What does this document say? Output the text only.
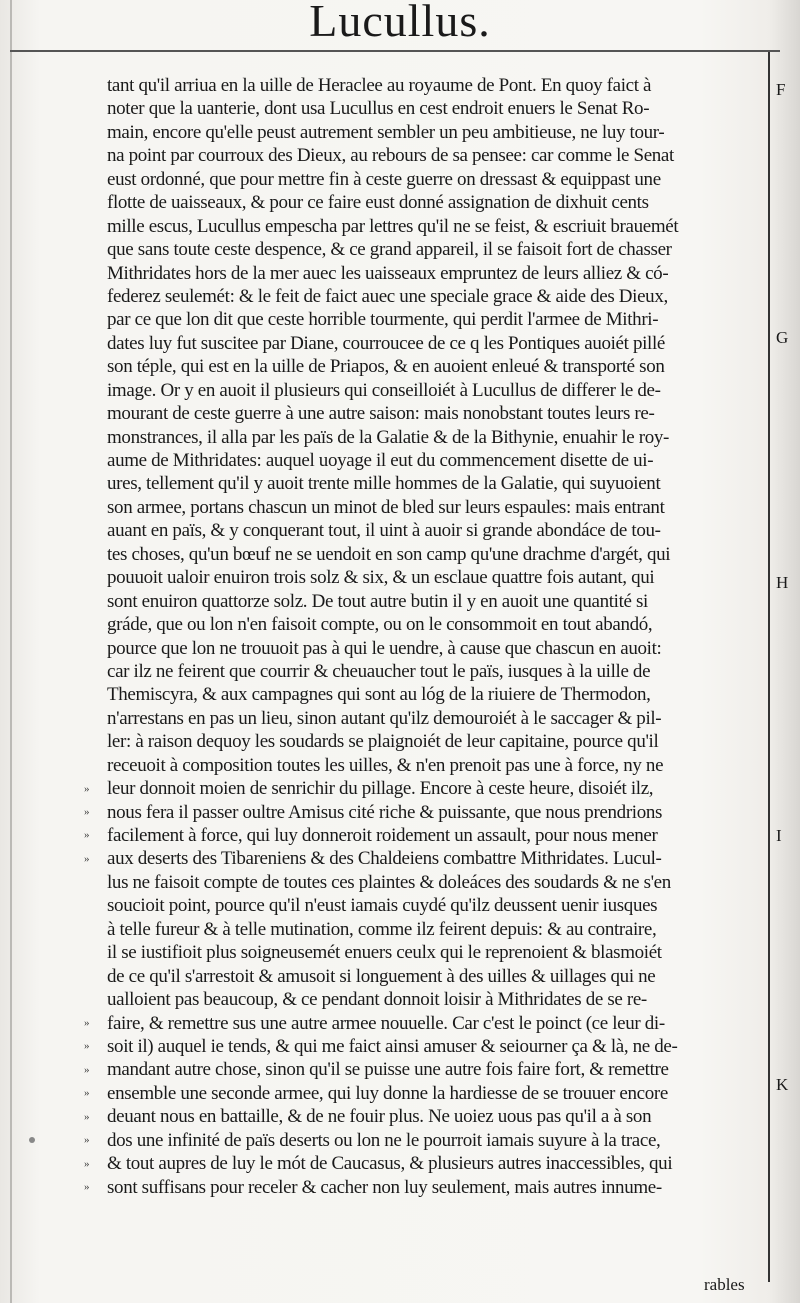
Lucullus.
tant qu'il arriua en la uille de Heraclee au royaume de Pont. En quoy faict à
noter que la uanterie, dont usa Lucullus en cest endroit enuers le Senat Ro-
main, encore qu'elle peust autrement sembler un peu ambitieuse, ne luy tour-
na point par courroux des Dieux, au rebours de sa pensee: car comme le Senat
eust ordonné, que pour mettre fin à ceste guerre on dressast & equippast une
flotte de uaisseaux, & pour ce faire eust donné assignation de dixhuit cents
mille escus, Lucullus empescha par lettres qu'il ne se feist, & escriuit brauemét
que sans toute ceste despence, & ce grand appareil, il se faisoit fort de chasser
Mithridates hors de la mer auec les uaisseaux empruntez de leurs alliez & có-
federez seulemét: & le feit de faict auec une speciale grace & aide des Dieux,
par ce que lon dit que ceste horrible tourmente, qui perdit l'armee de Mithri-
dates luy fut suscitee par Diane, courroucee de ce q les Pontiques auoiét pillé
son téple, qui est en la uille de Priapos, & en auoient enleué & transporté son
image. Or y en auoit il plusieurs qui conseilloiét à Lucullus de differer le de-
mourant de ceste guerre à une autre saison: mais nonobstant toutes leurs re-
monstrances, il alla par les païs de la Galatie & de la Bithynie, enuahir le roy-
aume de Mithridates: auquel uoyage il eut du commencement disette de ui-
ures, tellement qu'il y auoit trente mille hommes de la Galatie, qui suyuoient
son armee, portans chascun un minot de bled sur leurs espaules: mais entrant
auant en païs, & y conquerant tout, il uint à auoir si grande abondáce de tou-
tes choses, qu'un bœuf ne se uendoit en son camp qu'une drachme d'argét, qui
pouuoit ualoir enuiron trois solz & six, & un esclaue quattre fois autant, qui
sont enuiron quattorze solz. De tout autre butin il y en auoit une quantité si
gráde, que ou lon n'en faisoit compte, ou on le consommoit en tout abandó,
pource que lon ne trouuoit pas à qui le uendre, à cause que chascun en auoit:
car ilz ne feirent que courrir & cheuaucher tout le païs, iusques à la uille de
Themiscyra, & aux campagnes qui sont au lóg de la riuiere de Thermodon,
n'arrestans en pas un lieu, sinon autant qu'ilz demouroiét à le saccager & pil-
ler: à raison dequoy les soudards se plaignoiét de leur capitaine, pource qu'il
receuoit à composition toutes les uilles, & n'en prenoit pas une à force, ny ne
leur donnoit moien de senrichir du pillage. Encore à ceste heure, disoiét ilz,
nous fera il passer oultre Amisus cité riche & puissante, que nous prendrions
facilement à force, qui luy donneroit roidement un assault, pour nous mener
aux deserts des Tibareniens & des Chaldeiens combattre Mithridates. Lucul-
lus ne faisoit compte de toutes ces plaintes & doleáces des soudards & ne s'en
soucioit point, pource qu'il n'eust iamais cuydé qu'ilz deussent uenir iusques
à telle fureur & à telle mutination, comme ilz feirent depuis: & au contraire,
il se iustifioit plus soigneusemét enuers ceulx qui le reprenoient & blasmoiét
de ce qu'il s'arrestoit & amusoit si longuement à des uilles & uillages qui ne
ualloient pas beaucoup, & ce pendant donnoit loisir à Mithridates de se re-
faire, & remettre sus une autre armee nouuelle. Car c'est le poinct (ce leur di-
soit il) auquel ie tends, & qui me faict ainsi amuser & seiourner ça & là, ne de-
mandant autre chose, sinon qu'il se puisse une autre fois faire fort, & remettre
ensemble une seconde armee, qui luy donne la hardiesse de se trouuer encore
deuant nous en battaille, & de ne fouir plus. Ne uoiez uous pas qu'il a à son
dos une infinité de païs deserts ou lon ne le pourroit iamais suyure à la trace,
& tout aupres de luy le mót de Caucasus, & plusieurs autres inaccessibles, qui
sont suffisans pour receler & cacher non luy seulement, mais autres innume-
F
G
H
I
K
»
»
»
»
»
»
»
»
»
»
»
»
rables
